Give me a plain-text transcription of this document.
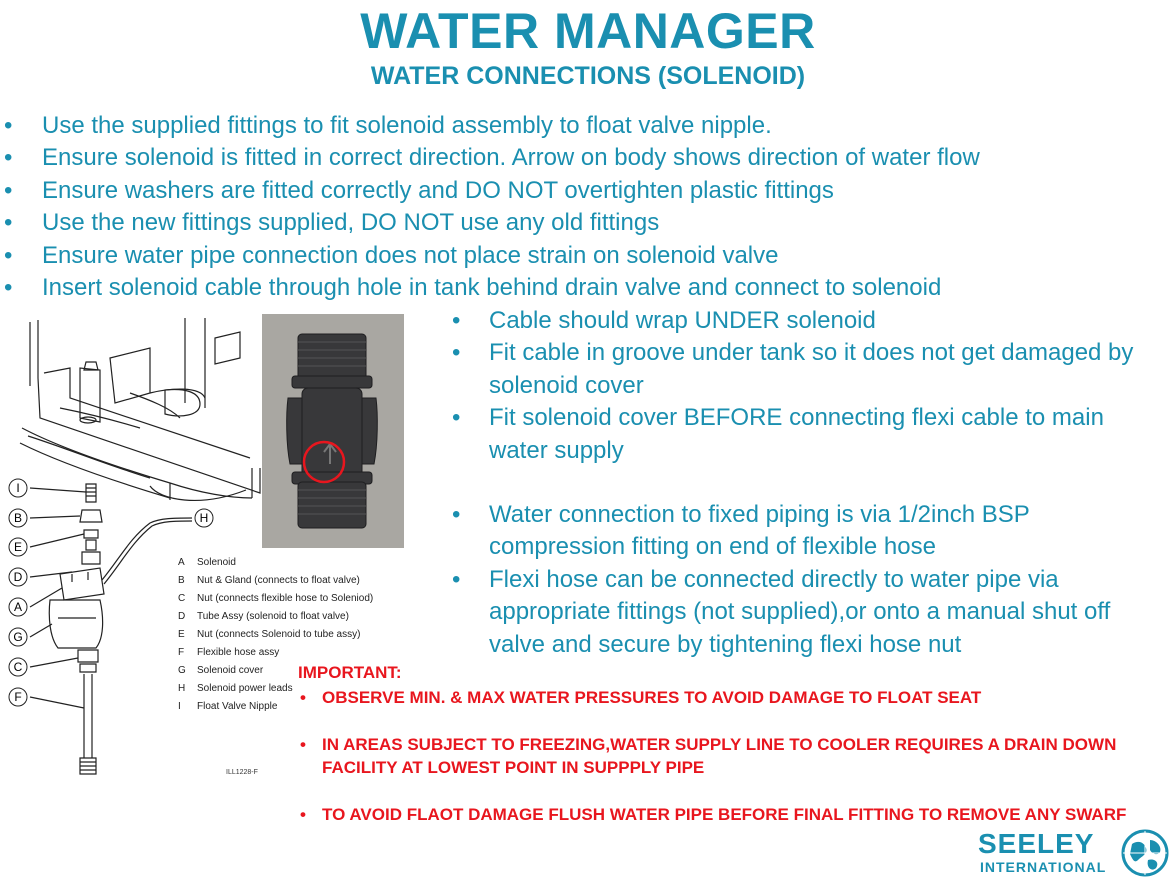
WATER MANAGER
WATER CONNECTIONS (SOLENOID)
• Use the supplied fittings to fit solenoid assembly to float valve nipple.
• Ensure solenoid is fitted in correct direction. Arrow on body shows direction of water flow
• Ensure washers are fitted correctly and DO NOT overtighten plastic fittings
• Use the new fittings supplied, DO NOT use any old fittings
• Ensure water pipe connection does not place strain on solenoid valve
• Insert solenoid cable through hole in tank behind drain valve and connect to solenoid
I
B
E
D
A
G
C
F
H
A Solenoid
B Nut & Gland (connects to float valve)
C Nut (connects flexible hose to Soleniod)
D Tube Assy (solenoid to float valve)
E Nut (connects Solenoid to tube assy)
F Flexible hose assy
G Solenoid cover
H Solenoid power leads
I Float Valve Nipple
ILL1228-F
• Cable should wrap UNDER solenoid
• Fit cable in groove under tank so it does not get damaged by solenoid cover
• Fit solenoid cover BEFORE connecting flexi cable to main water supply
• Water connection to fixed piping is via 1/2inch BSP compression fitting on end of flexible hose
• Flexi hose can be connected directly to water pipe via appropriate fittings (not supplied),or onto a manual shut off valve and secure by tightening flexi hose nut
IMPORTANT:
• OBSERVE MIN. & MAX WATER PRESSURES TO AVOID DAMAGE TO FLOAT SEAT
• IN AREAS SUBJECT TO FREEZING,WATER SUPPLY LINE TO COOLER REQUIRES A DRAIN DOWN FACILITY AT LOWEST POINT IN SUPPPLY PIPE
• TO AVOID FLAOT DAMAGE FLUSH WATER PIPE BEFORE FINAL FITTING TO REMOVE ANY SWARF
SEELEY
INTERNATIONAL
